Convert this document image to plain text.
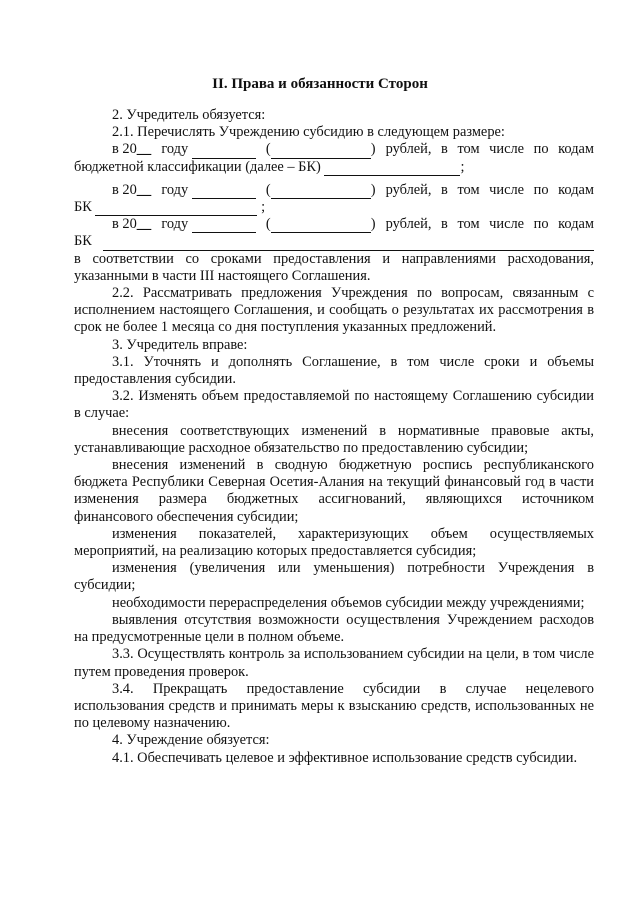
II. Права и обязанности Сторон

2. Учредитель обязуется:

2.1. Перечислять Учреждению субсидию в следующем размере:

в 20 __ году
	(	) рублей, в том числе по кодам
бюджетной классификации (далее – БК)
	;
в 20 __ году
	(	) рублей, в том числе по кодам
БК

	;
в 20 __ году
	(	) рублей, в том числе по кодам
БК

в соответствии со сроками предоставления и направлениями расходования, указанными в части III настоящего Соглашения.

2.2. Рассматривать предложения Учреждения по вопросам, связанным с исполнением настоящего Соглашения, и сообщать о результатах их рассмотрения в срок не более 1 месяца со дня поступления указанных предложений.

3. Учредитель вправе:

3.1. Уточнять и дополнять Соглашение, в том числе сроки и объемы предоставления субсидии.

3.2. Изменять объем предоставляемой по настоящему Соглашению субсидии в случае:

внесения соответствующих изменений в нормативные правовые акты, устанавливающие расходное обязательство по предоставлению субсидии;

внесения изменений в сводную бюджетную роспись республиканского бюджета Республики Северная Осетия-Алания на текущий финансовый год в части изменения размера бюджетных ассигнований, являющихся источником финансового обеспечения субсидии;

изменения показателей, характеризующих объем осуществляемых мероприятий, на реализацию которых предоставляется субсидия;

изменения (увеличения или уменьшения) потребности Учреждения в субсидии;

необходимости перераспределения объемов субсидии между учреждениями;

выявления отсутствия возможности осуществления Учреждением расходов на предусмотренные цели в полном объеме.

3.3. Осуществлять контроль за использованием субсидии на цели, в том числе путем проведения проверок.

3.4. Прекращать предоставление субсидии в случае нецелевого использования средств и принимать меры к взысканию средств, использованных не по целевому назначению.

4. Учреждение обязуется:

4.1. Обеспечивать целевое и эффективное использование средств субсидии.
